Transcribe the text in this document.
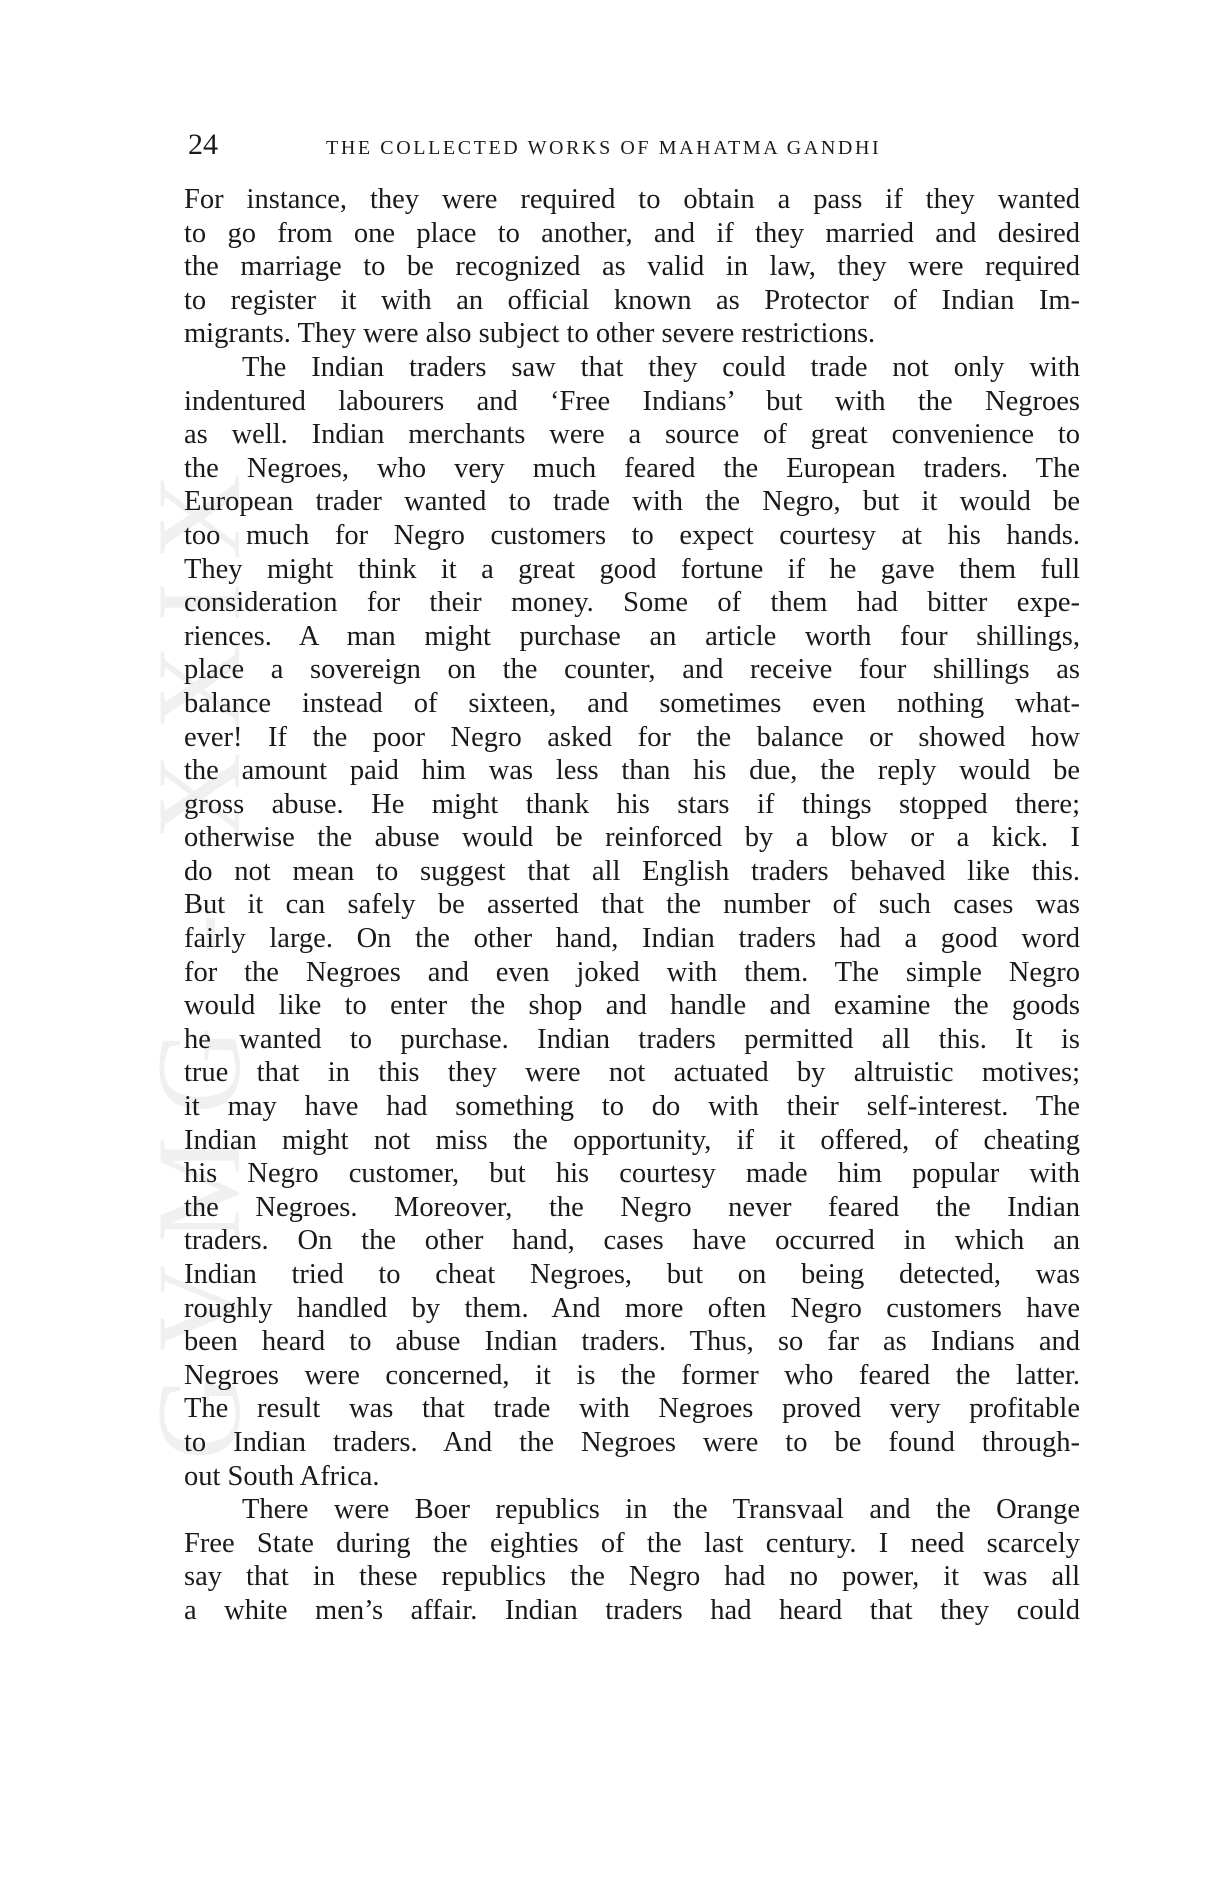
GVMG - XXIX
24	THE COLLECTED WORKS OF MAHATMA GANDHI
For instance, they were required to obtain a pass if they wanted
to go from one place to another, and if they married and desired
the marriage to be recognized as valid in law, they were required
to register it with an official known as Protector of Indian Im-
migrants. They were also subject to other severe restrictions.
The Indian traders saw that they could trade not only with
indentured labourers and ‘Free Indians’ but with the Negroes
as well. Indian merchants were a source of great convenience to
the Negroes, who very much feared the European traders. The
European trader wanted to trade with the Negro, but it would be
too much for Negro customers to expect courtesy at his hands.
They might think it a great good fortune if he gave them full
consideration for their money. Some of them had bitter expe-
riences. A man might purchase an article worth four shillings,
place a sovereign on the counter, and receive four shillings as
balance instead of sixteen, and sometimes even nothing what-
ever! If the poor Negro asked for the balance or showed how
the amount paid him was less than his due, the reply would be
gross abuse. He might thank his stars if things stopped there;
otherwise the abuse would be reinforced by a blow or a kick. I
do not mean to suggest that all English traders behaved like this.
But it can safely be asserted that the number of such cases was
fairly large. On the other hand, Indian traders had a good word
for the Negroes and even joked with them. The simple Negro
would like to enter the shop and handle and examine the goods
he wanted to purchase. Indian traders permitted all this. It is
true that in this they were not actuated by altruistic motives;
it may have had something to do with their self-interest. The
Indian might not miss the opportunity, if it offered, of cheating
his Negro customer, but his courtesy made him popular with
the Negroes. Moreover, the Negro never feared the Indian
traders. On the other hand, cases have occurred in which an
Indian tried to cheat Negroes, but on being detected, was
roughly handled by them. And more often Negro customers have
been heard to abuse Indian traders. Thus, so far as Indians and
Negroes were concerned, it is the former who feared the latter.
The result was that trade with Negroes proved very profitable
to Indian traders. And the Negroes were to be found through-
out South Africa.
There were Boer republics in the Transvaal and the Orange
Free State during the eighties of the last century. I need scarcely
say that in these republics the Negro had no power, it was all
a white men’s affair. Indian traders had heard that they could
